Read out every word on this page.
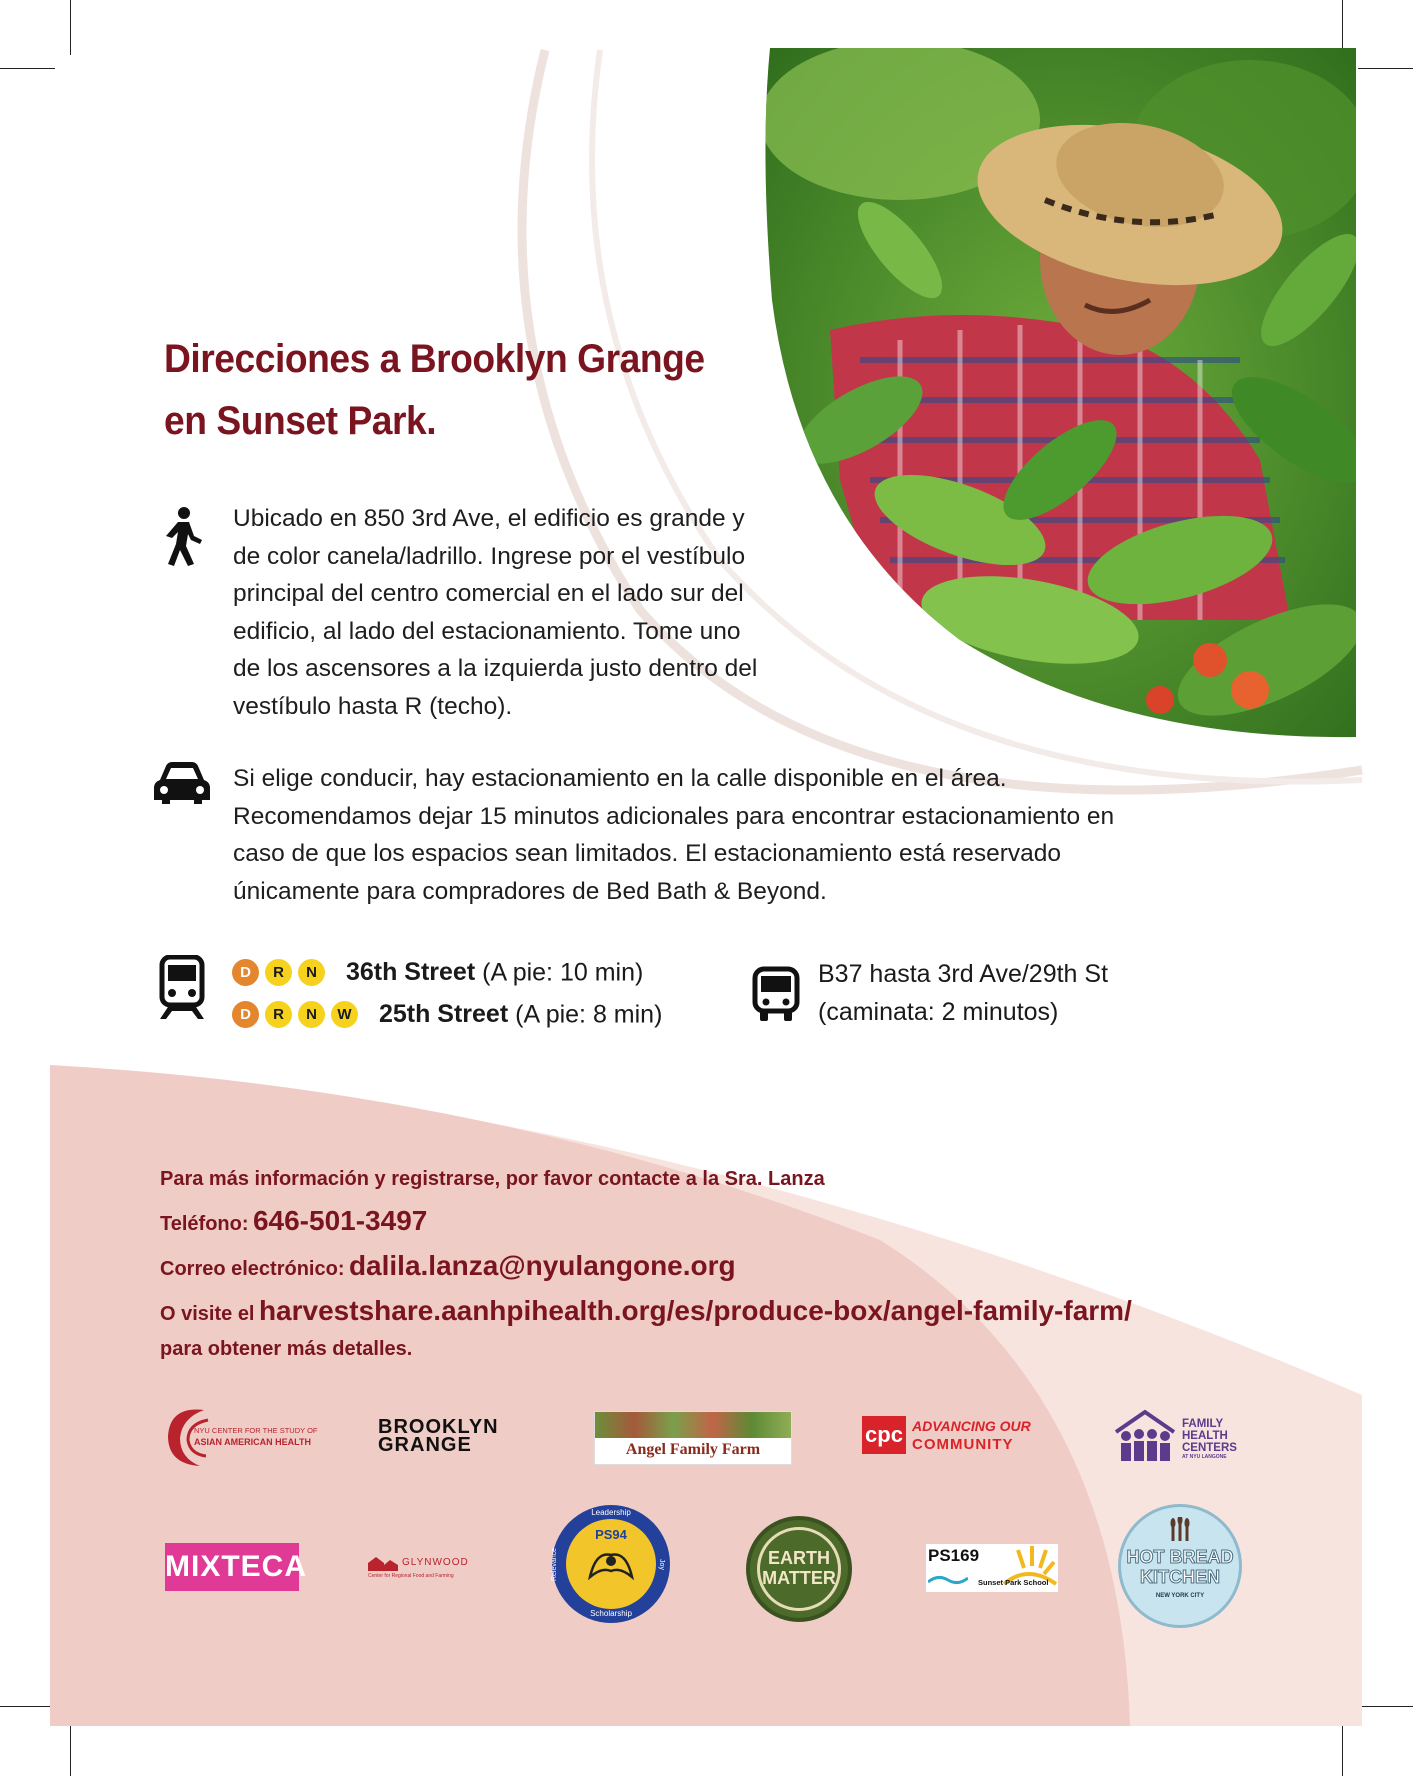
Direcciones a Brooklyn Grange
en Sunset Park.
Ubicado en 850 3rd Ave, el edificio es grande y
de color canela/ladrillo. Ingrese por el vestíbulo
principal del centro comercial en el lado sur del
edificio, al lado del estacionamiento. Tome uno
de los ascensores a la izquierda justo dentro del
vestíbulo hasta R (techo).
Si elige conducir, hay estacionamiento en la calle disponible en el área.
Recomendamos dejar 15 minutos adicionales para encontrar estacionamiento en
caso de que los espacios sean limitados. El estacionamiento está reservado
únicamente para compradores de Bed Bath & Beyond.
D R N 36th Street (A pie: 10 min)
D R N W 25th Street (A pie: 8 min)
B37 hasta 3rd Ave/29th St
(caminata: 2 minutos)
Para más información y registrarse, por favor contacte a la Sra. Lanza
Teléfono: 646-501-3497
Correo electrónico: dalila.lanza@nyulangone.org
O visite el harvestshare.aanhpihealth.org/es/produce-box/angel-family-farm/
para obtener más detalles.
NYU CENTER FOR THE STUDY OF
ASIAN AMERICAN HEALTH
BROOKLYN
GRANGE	Angel Family Farm
cpc ADVANCING OUR
COMMUNITY
FAMILY
HEALTH
CENTERS
AT NYU LANGONE
MIXTECA	GLYNWOOD
Center for Regional Food and Farming
Leadership
Scholarship
Relevance	Joy
PS94
EARTH
MATTER
PS169
Sunset Park School
HOT BREAD
KITCHEN
NEW YORK CITY
